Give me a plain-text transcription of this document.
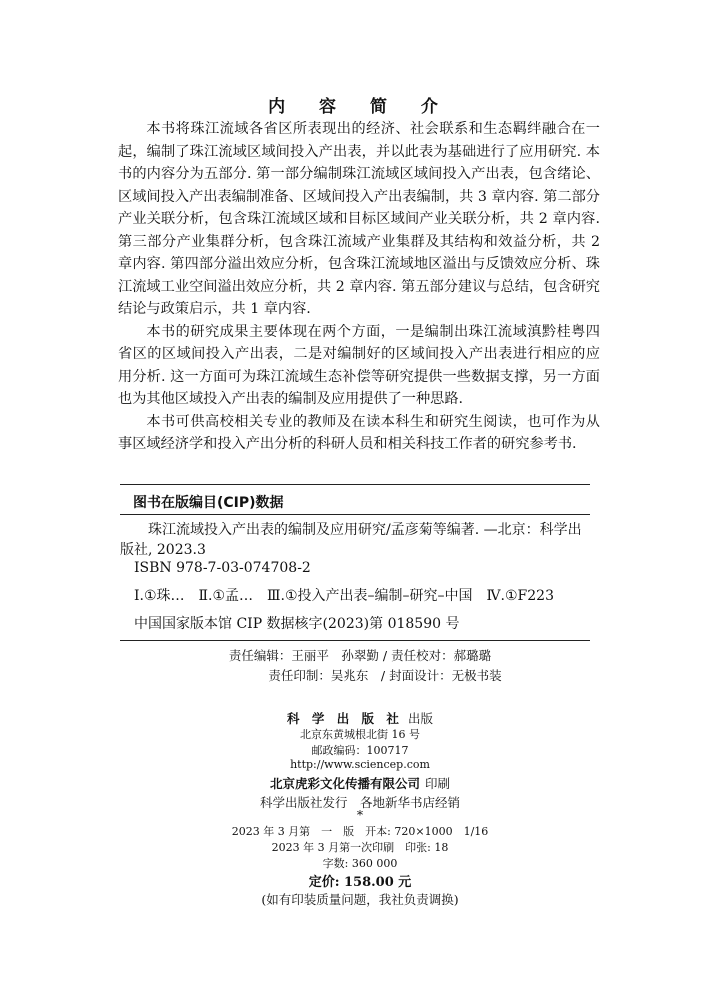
内 容 简 介

本书将珠江流域各省区所表现出的经济、社会联系和生态羁绊融合在一起，编制了珠江流域区域间投入产出表，并以此表为基础进行了应用研究. 本书的内容分为五部分. 第一部分编制珠江流域区域间投入产出表，包含绪论、区域间投入产出表编制准备、区域间投入产出表编制，共 3 章内容. 第二部分产业关联分析，包含珠江流域区域和目标区域间产业关联分析，共 2 章内容. 第三部分产业集群分析，包含珠江流域产业集群及其结构和效益分析，共 2 章内容. 第四部分溢出效应分析，包含珠江流域地区溢出与反馈效应分析、珠江流域工业空间溢出效应分析，共 2 章内容. 第五部分建议与总结，包含研究结论与政策启示，共 1 章内容.

本书的研究成果主要体现在两个方面，一是编制出珠江流域滇黔桂粤四省区的区域间投入产出表，二是对编制好的区域间投入产出表进行相应的应用分析. 这一方面可为珠江流域生态补偿等研究提供一些数据支撑，另一方面也为其他区域投入产出表的编制及应用提供了一种思路.

本书可供高校相关专业的教师及在读本科生和研究生阅读，也可作为从事区域经济学和投入产出分析的科研人员和相关科技工作者的研究参考书.

图书在版编目(CIP)数据
珠江流域投入产出表的编制及应用研究/孟彦菊等编著. —北京：科学出版社, 2023.3
ISBN 978-7-03-074708-2
Ⅰ.①珠…　Ⅱ.①孟…　Ⅲ.①投入产出表–编制–研究–中国　Ⅳ.①F223
中国国家版本馆 CIP 数据核字(2023)第 018590 号
责任编辑：王丽平　孙翠勤 / 责任校对：郝璐璐
责任印制：吴兆东　/ 封面设计：无极书装
科 学 出 版 社 出版
北京东黄城根北街 16 号
邮政编码：100717
http://www.sciencep.com
北京虎彩文化传播有限公司 印刷
科学出版社发行　各地新华书店经销
*
2023 年 3 月第　一　版　开本: 720×1000　1/16
2023 年 3 月第一次印刷　印张: 18
字数: 360 000
定价: 158.00 元
(如有印装质量问题，我社负责调换)
